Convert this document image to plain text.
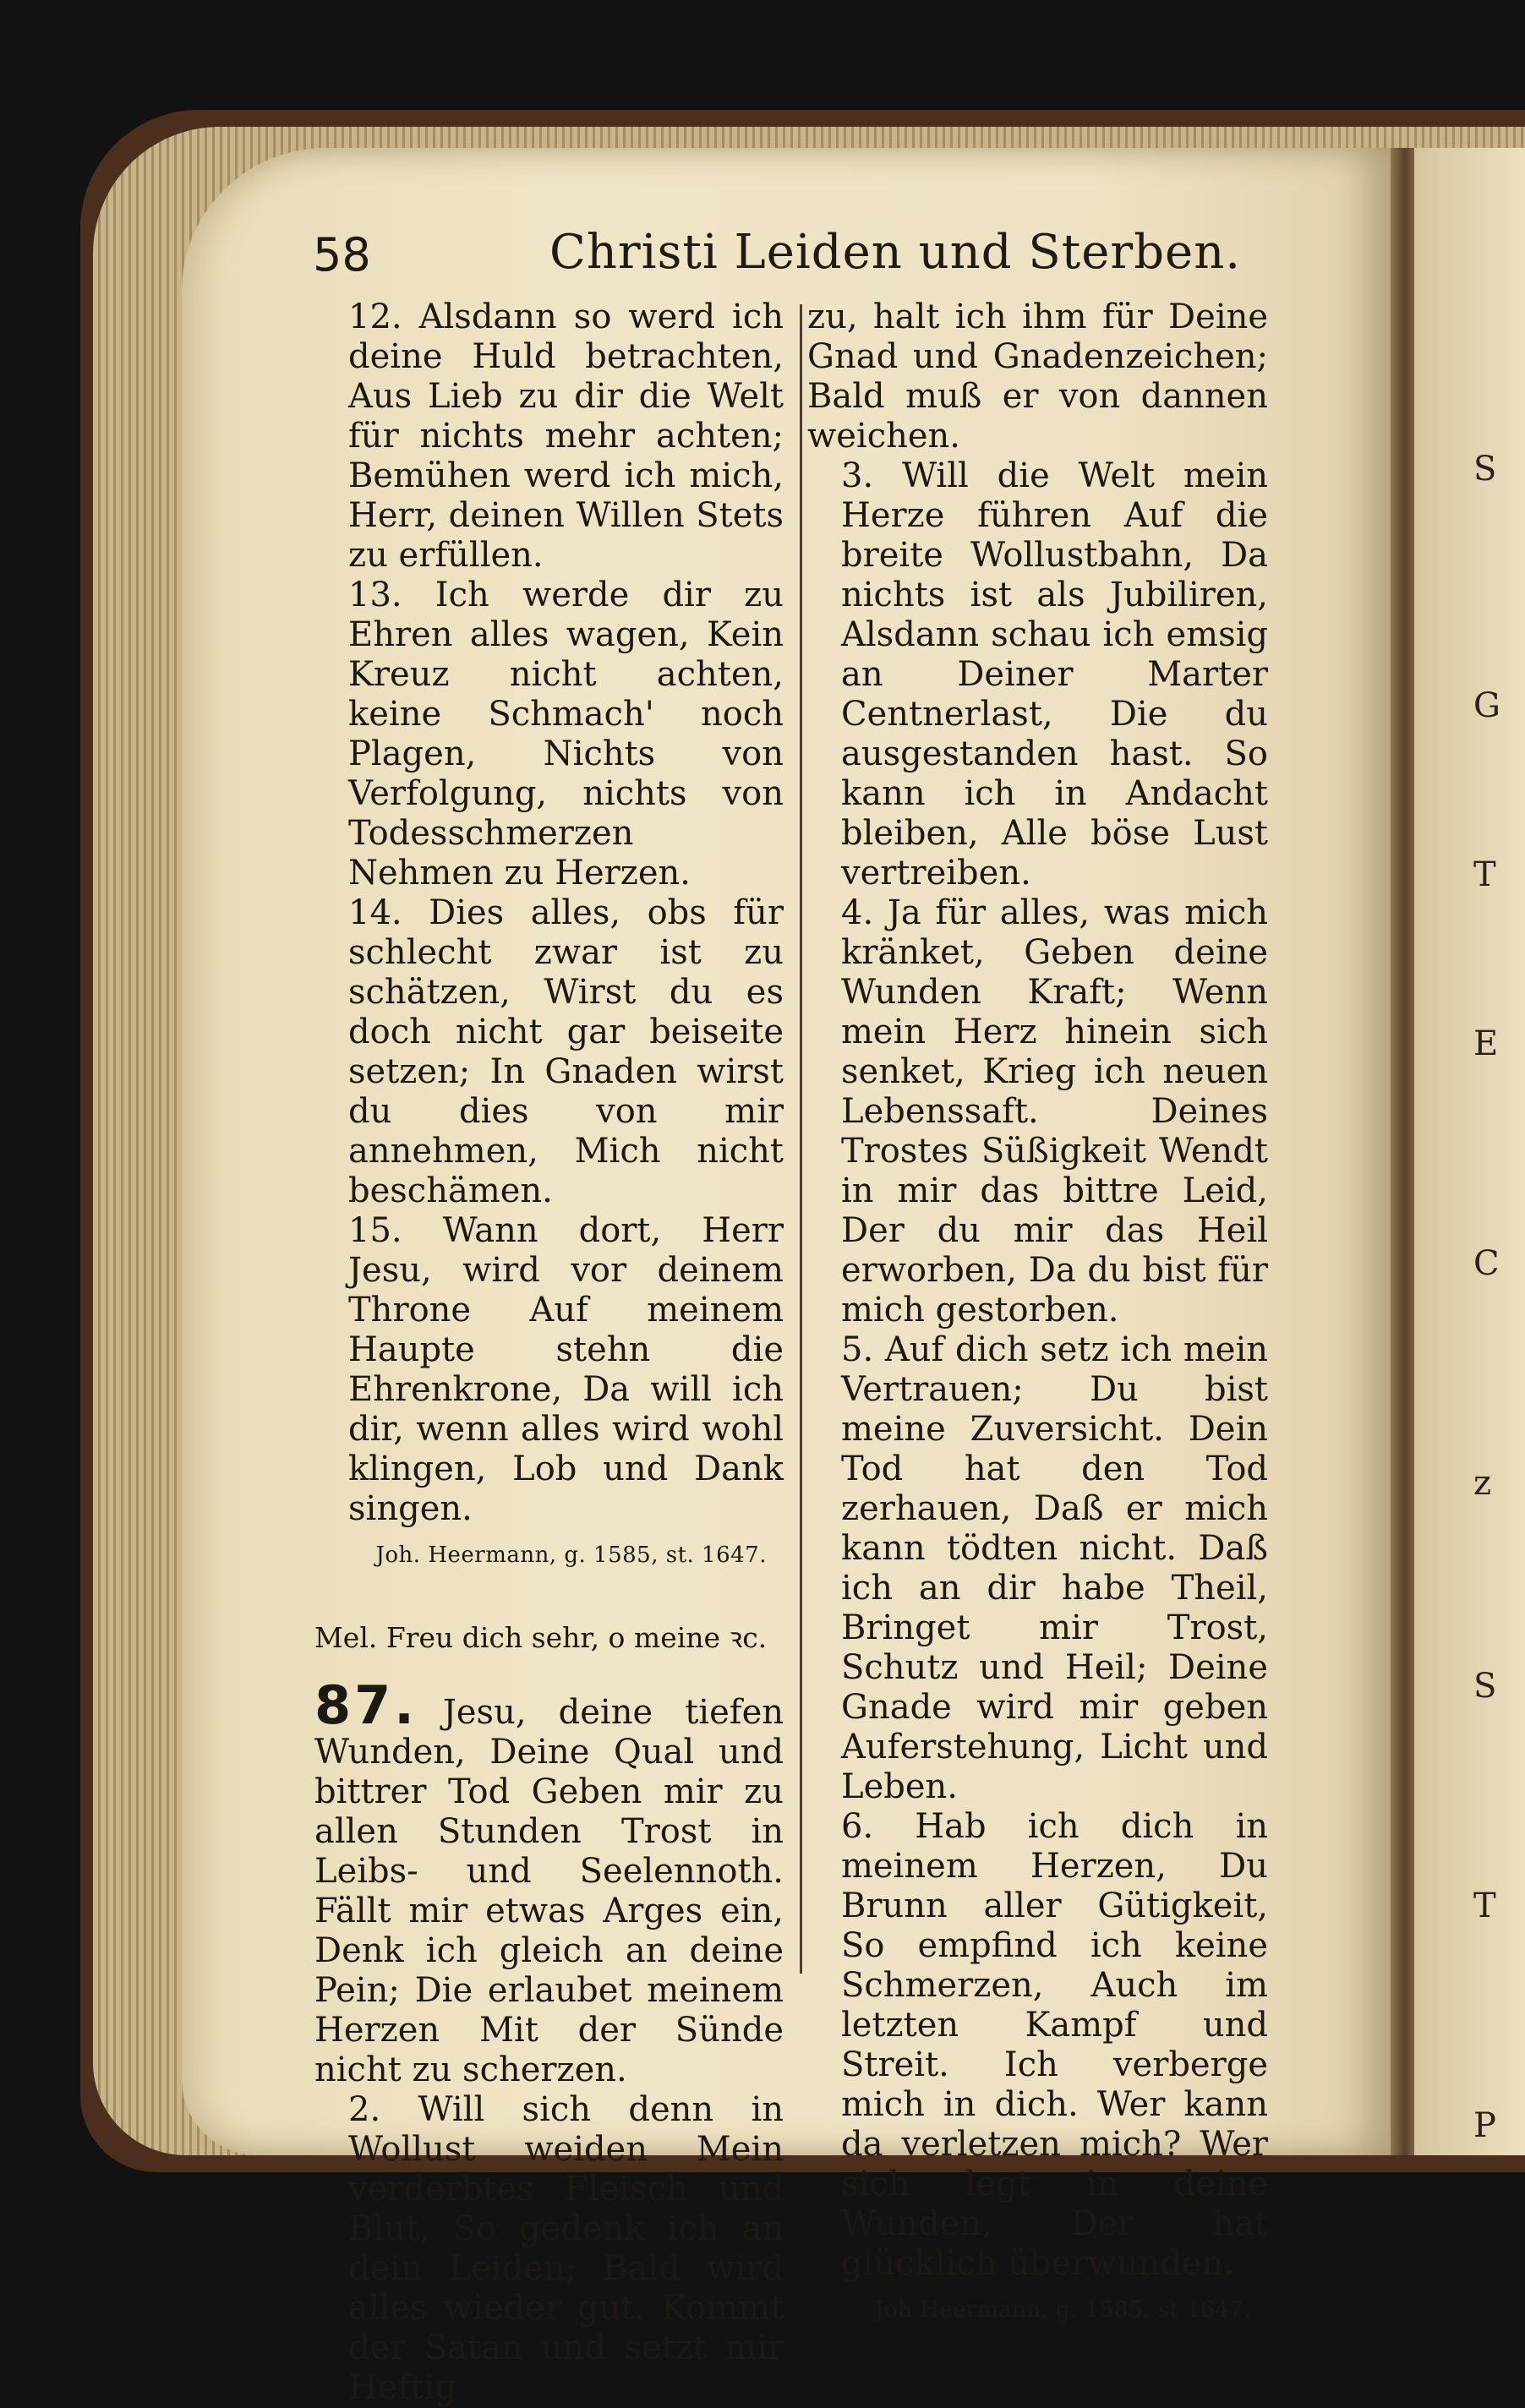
S
G
T
E
C
z
S
T
P
58	Christi Leiden und Sterben.

12. Alsdann so werd ich deine Huld betrachten, Aus Lieb zu dir die Welt für nichts mehr achten; Bemühen werd ich mich, Herr, deinen Willen Stets zu erfüllen.

13. Ich werde dir zu Ehren alles wagen, Kein Kreuz nicht achten, keine Schmach' noch Plagen, Nichts von Verfolgung, nichts von Todesschmerzen Nehmen zu Herzen.

14. Dies alles, obs für schlecht zwar ist zu schätzen, Wirst du es doch nicht gar beiseite setzen; In Gnaden wirst du dies von mir annehmen, Mich nicht beschämen.

15. Wann dort, Herr Jesu, wird vor deinem Throne Auf meinem Haupte stehn die Ehrenkrone, Da will ich dir, wenn alles wird wohl klingen, Lob und Dank singen.

Joh. Heermann, g. 1585, st. 1647.

Mel. Freu dich sehr, o meine ꝛc.

87. Jesu, deine tiefen Wunden, Deine Qual und bittrer Tod Geben mir zu allen Stunden Trost in Leibs- und Seelennoth. Fällt mir etwas Arges ein, Denk ich gleich an deine Pein; Die erlaubet meinem Herzen Mit der Sünde nicht zu scherzen.

2. Will sich denn in Wollust weiden Mein verderbtes Fleisch und Blut, So gedenk ich an dein Leiden; Bald wird alles wieder gut. Kommt der Satan und setzt mir Heftig

zu, halt ich ihm für Deine Gnad und Gnadenzeichen; Bald muß er von dannen weichen.

3. Will die Welt mein Herze führen Auf die breite Wollustbahn, Da nichts ist als Jubiliren, Alsdann schau ich emsig an Deiner Marter Centnerlast, Die du ausgestanden hast. So kann ich in Andacht bleiben, Alle böse Lust vertreiben.

4. Ja für alles, was mich kränket, Geben deine Wunden Kraft; Wenn mein Herz hinein sich senket, Krieg ich neuen Lebenssaft. Deines Trostes Süßigkeit Wendt in mir das bittre Leid, Der du mir das Heil erworben, Da du bist für mich gestorben.

5. Auf dich setz ich mein Vertrauen; Du bist meine Zuversicht. Dein Tod hat den Tod zerhauen, Daß er mich kann tödten nicht. Daß ich an dir habe Theil, Bringet mir Trost, Schutz und Heil; Deine Gnade wird mir geben Auferstehung, Licht und Leben.

6. Hab ich dich in meinem Herzen, Du Brunn aller Gütigkeit, So empfind ich keine Schmerzen, Auch im letzten Kampf und Streit. Ich verberge mich in dich. Wer kann da verletzen mich? Wer sich legt in deine Wunden, Der hat glücklich überwunden.

Joh Heermann, g. 1585, st 1647.
